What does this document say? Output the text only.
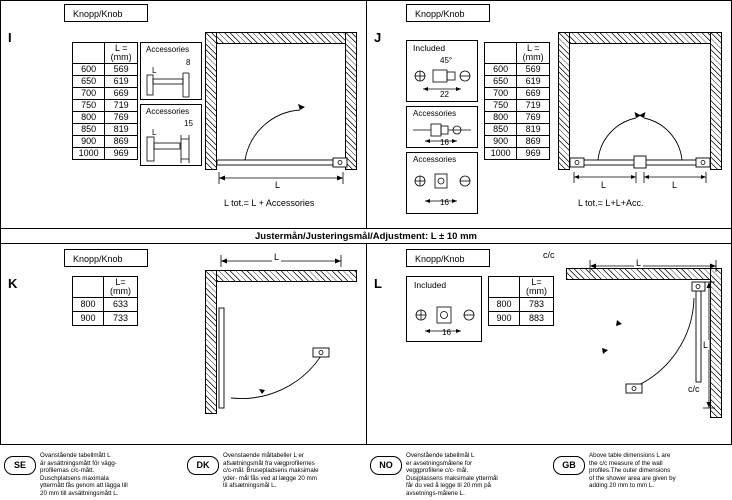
I
Knopp/Knob
	L =
(mm)
600	569
650	619
700	669
750	719
800	769
850	819
900	869
1000	969
Accessories
L
8
Accessories
L
15
L
L tot.= L + Accessories
J
Knopp/Knob
Included
45°
22
Accessories
16
Accessories
16
	L =
(mm)
600	569
650	619
700	669
750	719
800	769
850	819
900	869
1000	969
L	L
L tot.= L+L+Acc.
Justermån/Justeringsmål/Adjustment: L ± 10 mm
K
Knopp/Knob
	L=
(mm)
800	633
900	733
L
L
Knopp/Knob
Included
16
	L=
(mm)
800	783
900	883
L
L
c/c
c/c
SE
Ovanstående tabellmått L
är avsättningsmått för vägg-
profilernas c/c-mått.
Duschplatsens maximala
yttermått fås genom att lägga till
20 mm till avsättningsmått L.
DK
Ovenstaende måltabeller L er
afsætningsmål fra vægprofilernes
c/c-mål. Brusepladsens maksimale
yder- mål fås ved at lægge 20 mm
til afsætningsmål L.
NO
Ovenstående tabellmål L
er avsetningsmålene for
veggprofilene c/c- mål.
Dusjplassens maksimale yttermål
får du ved å legge til 20 mm på
avsetnings-målene L.
GB
Above table dimensions L are
the c/c measure of the wall
profiles.The outer dimensions
of the shower area are given by
adding 20 mm to mm L.
